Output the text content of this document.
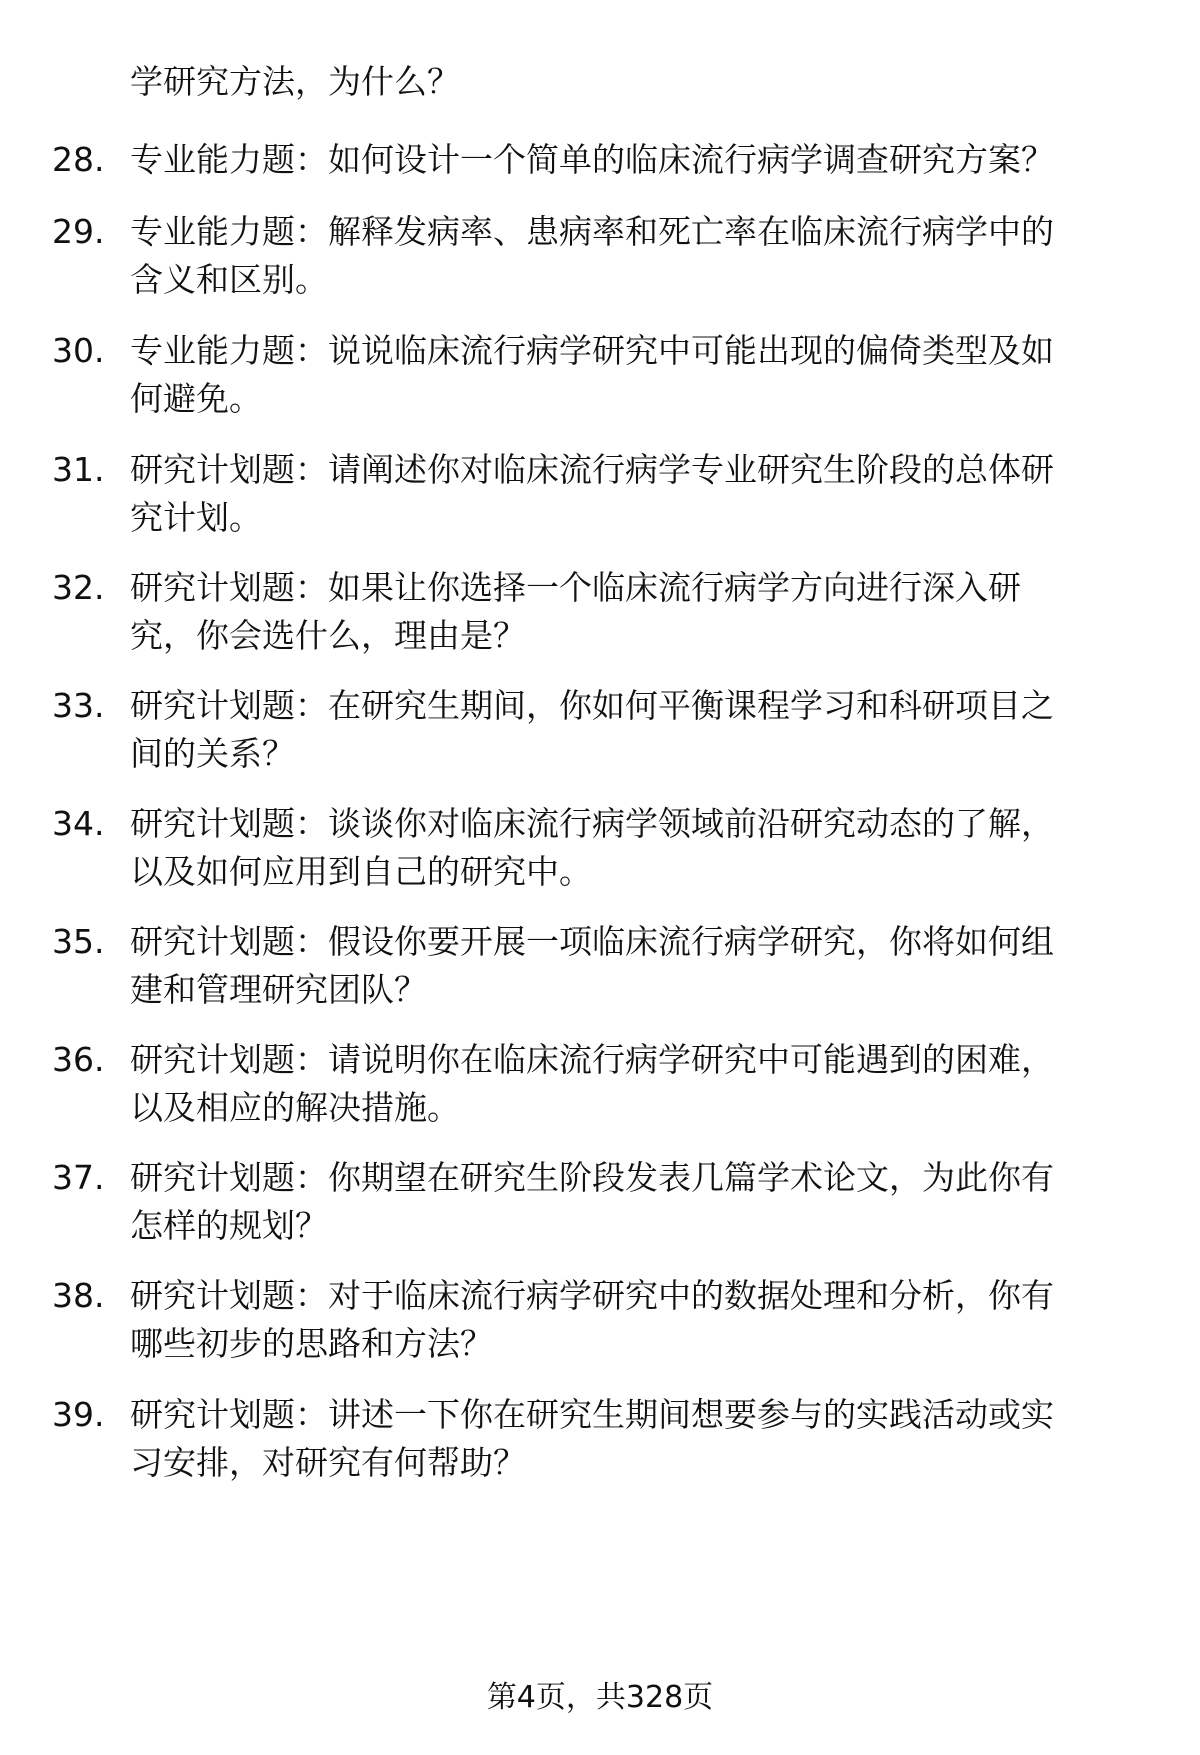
学研究方法，为什么？
28. 专业能力题：如何设计一个简单的临床流行病学调查研究方案？
29. 专业能力题：解释发病率、患病率和死亡率在临床流行病学中的
含义和区别。
30. 专业能力题：说说临床流行病学研究中可能出现的偏倚类型及如
何避免。
31. 研究计划题：请阐述你对临床流行病学专业研究生阶段的总体研
究计划。
32. 研究计划题：如果让你选择一个临床流行病学方向进行深入研
究，你会选什么，理由是？
33. 研究计划题：在研究生期间，你如何平衡课程学习和科研项目之
间的关系？
34. 研究计划题：谈谈你对临床流行病学领域前沿研究动态的了解，
以及如何应用到自己的研究中。
35. 研究计划题：假设你要开展一项临床流行病学研究，你将如何组
建和管理研究团队？
36. 研究计划题：请说明你在临床流行病学研究中可能遇到的困难，
以及相应的解决措施。
37. 研究计划题：你期望在研究生阶段发表几篇学术论文，为此你有
怎样的规划？
38. 研究计划题：对于临床流行病学研究中的数据处理和分析，你有
哪些初步的思路和方法？
39. 研究计划题：讲述一下你在研究生期间想要参与的实践活动或实
习安排，对研究有何帮助？
第4页，共328页
